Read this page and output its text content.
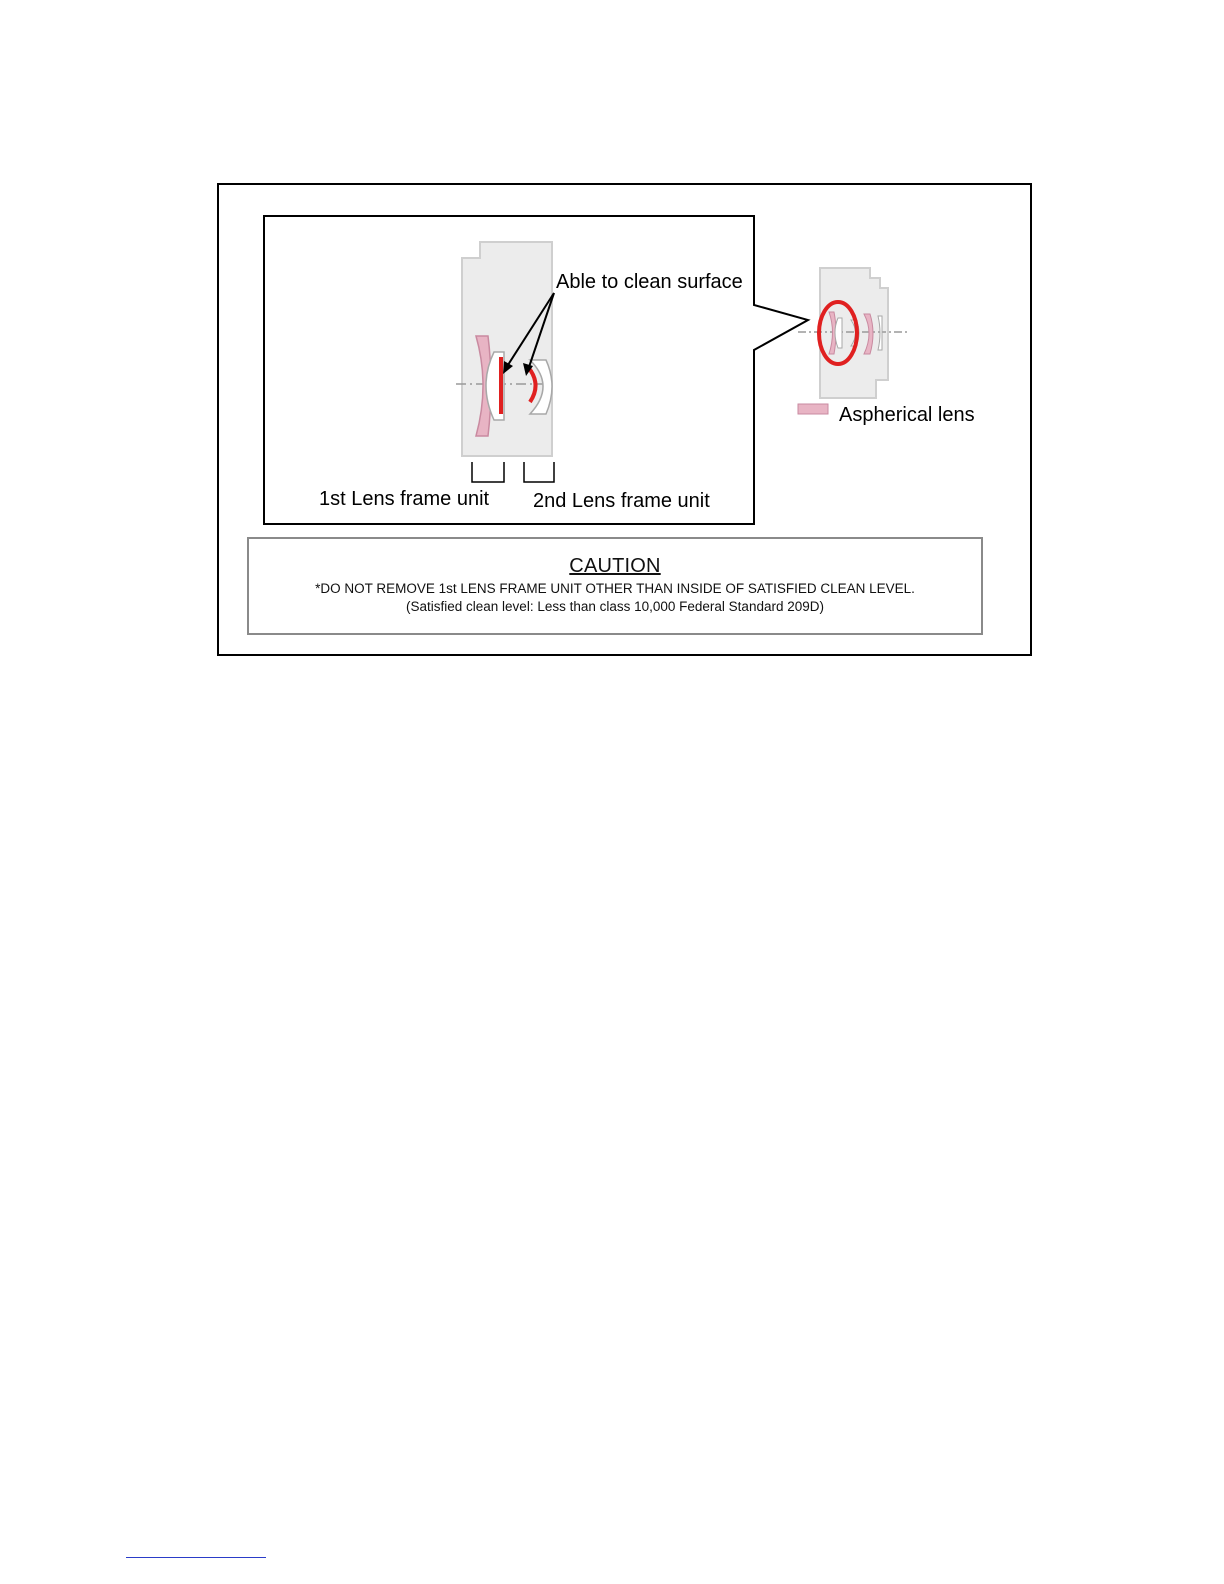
Able to clean surface
1st Lens frame unit 2nd Lens frame unit
Aspherical lens
CAUTION
*DO NOT REMOVE 1st LENS FRAME UNIT OTHER THAN INSIDE OF SATISFIED CLEAN LEVEL.
(Satisfied clean level: Less than class 10,000 Federal Standard 209D)
